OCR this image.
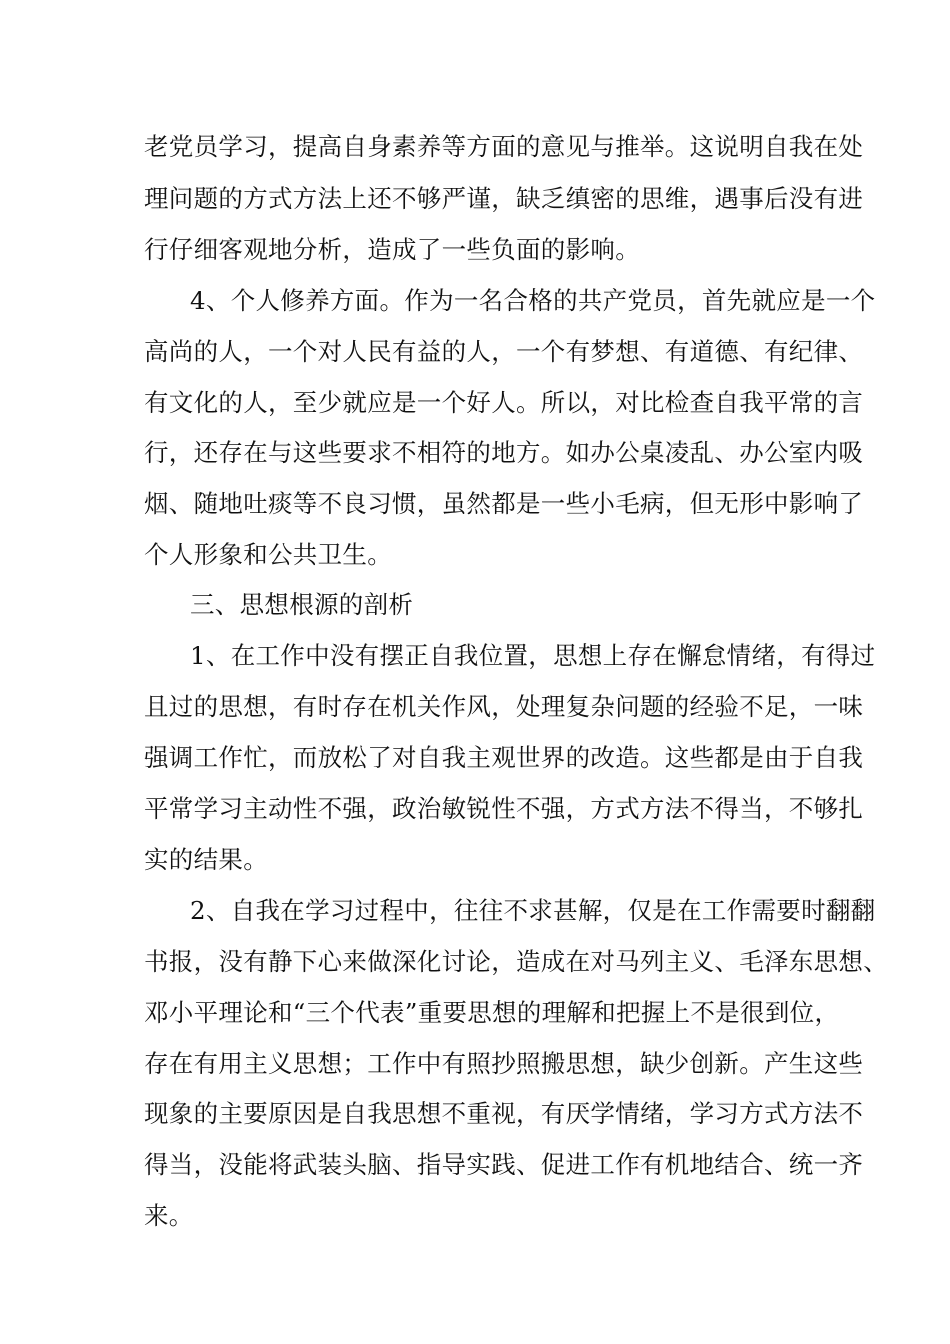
老党员学习，提高自身素养等方面的意见与推举。这说明自我在处
理问题的方式方法上还不够严谨，缺乏缜密的思维，遇事后没有进
行仔细客观地分析，造成了一些负面的影响。
4、个人修养方面。作为一名合格的共产党员，首先就应是一个
高尚的人，一个对人民有益的人，一个有梦想、有道德、有纪律、
有文化的人，至少就应是一个好人。所以，对比检查自我平常的言
行，还存在与这些要求不相符的地方。如办公桌凌乱、办公室内吸
烟、随地吐痰等不良习惯，虽然都是一些小毛病，但无形中影响了
个人形象和公共卫生。
三、思想根源的剖析
1、在工作中没有摆正自我位置，思想上存在懈怠情绪，有得过
且过的思想，有时存在机关作风，处理复杂问题的经验不足，一味
强调工作忙，而放松了对自我主观世界的改造。这些都是由于自我
平常学习主动性不强，政治敏锐性不强，方式方法不得当，不够扎
实的结果。
2、自我在学习过程中，往往不求甚解，仅是在工作需要时翻翻
书报，没有静下心来做深化讨论，造成在对马列主义、毛泽东思想、
邓小平理论和“三个代表”重要思想的理解和把握上不是很到位，
存在有用主义思想；工作中有照抄照搬思想，缺少创新。产生这些
现象的主要原因是自我思想不重视，有厌学情绪，学习方式方法不
得当，没能将武装头脑、指导实践、促进工作有机地结合、统一齐
来。
